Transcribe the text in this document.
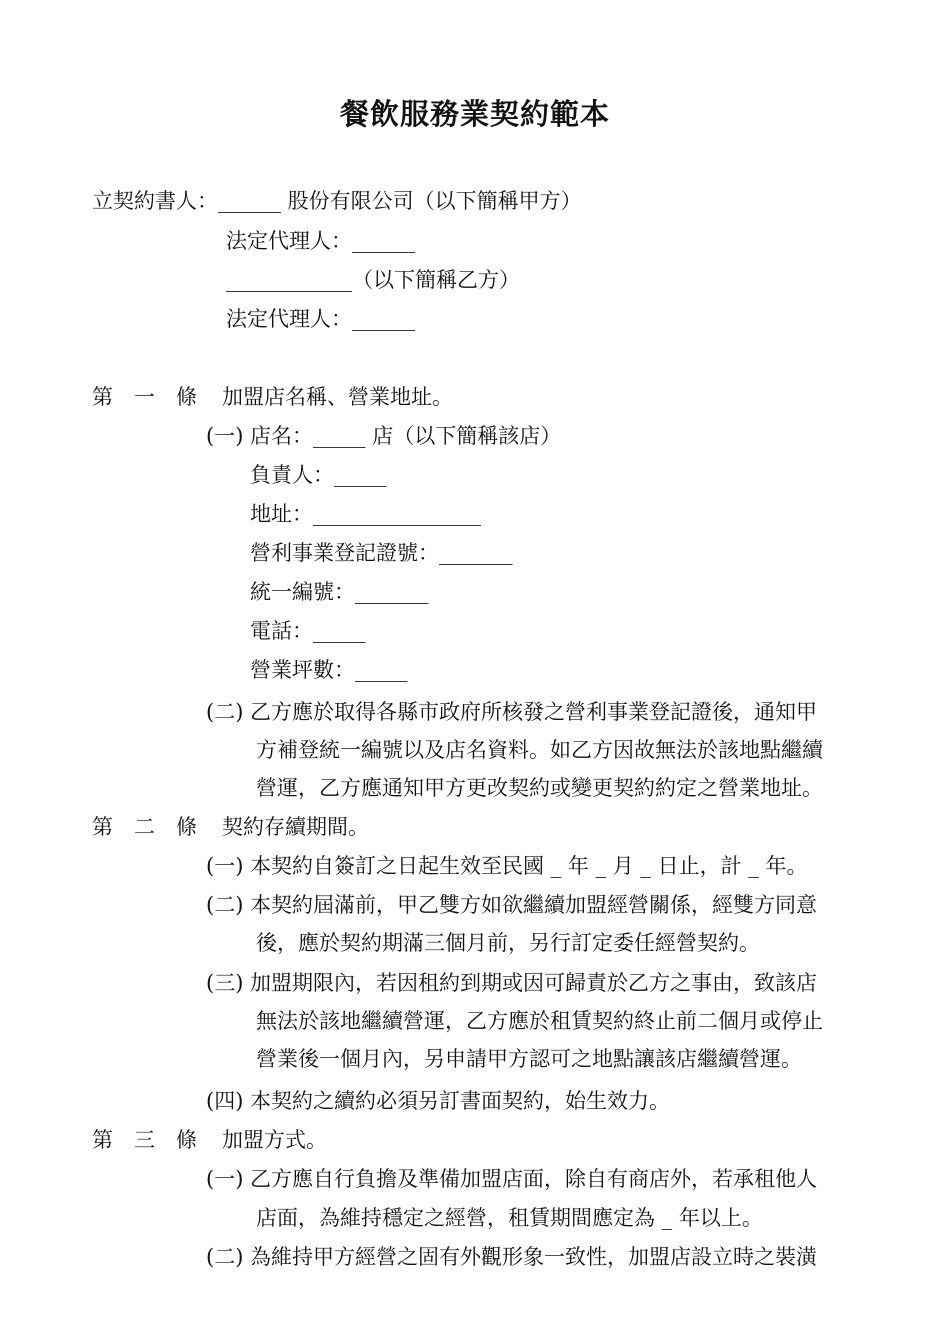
餐飲服務業契約範本
立契約書人：______ 股份有限公司（以下簡稱甲方）
法定代理人：______
____________（以下簡稱乙方）
法定代理人：______
第　一　條 加盟店名稱、營業地址。
(一) 店名：_____ 店（以下簡稱該店）
負責人：_____
地址：________________
營利事業登記證號：_______
統一編號：_______
電話：_____
營業坪數：_____
(二) 乙方應於取得各縣市政府所核發之營利事業登記證後，通知甲
方補登統一編號以及店名資料。如乙方因故無法於該地點繼續
營運，乙方應通知甲方更改契約或變更契約約定之營業地址。
第　二　條 契約存續期間。
(一) 本契約自簽訂之日起生效至民國 _ 年 _ 月 _ 日止，計 _ 年。
(二) 本契約屆滿前，甲乙雙方如欲繼續加盟經營關係，經雙方同意
後，應於契約期滿三個月前，另行訂定委任經營契約。
(三) 加盟期限內，若因租約到期或因可歸責於乙方之事由，致該店
無法於該地繼續營運，乙方應於租賃契約終止前二個月或停止
營業後一個月內，另申請甲方認可之地點讓該店繼續營運。
(四) 本契約之續約必須另訂書面契約，始生效力。
第　三　條 加盟方式。
(一) 乙方應自行負擔及準備加盟店面，除自有商店外，若承租他人
店面，為維持穩定之經營，租賃期間應定為 _ 年以上。
(二) 為維持甲方經營之固有外觀形象一致性，加盟店設立時之裝潢
